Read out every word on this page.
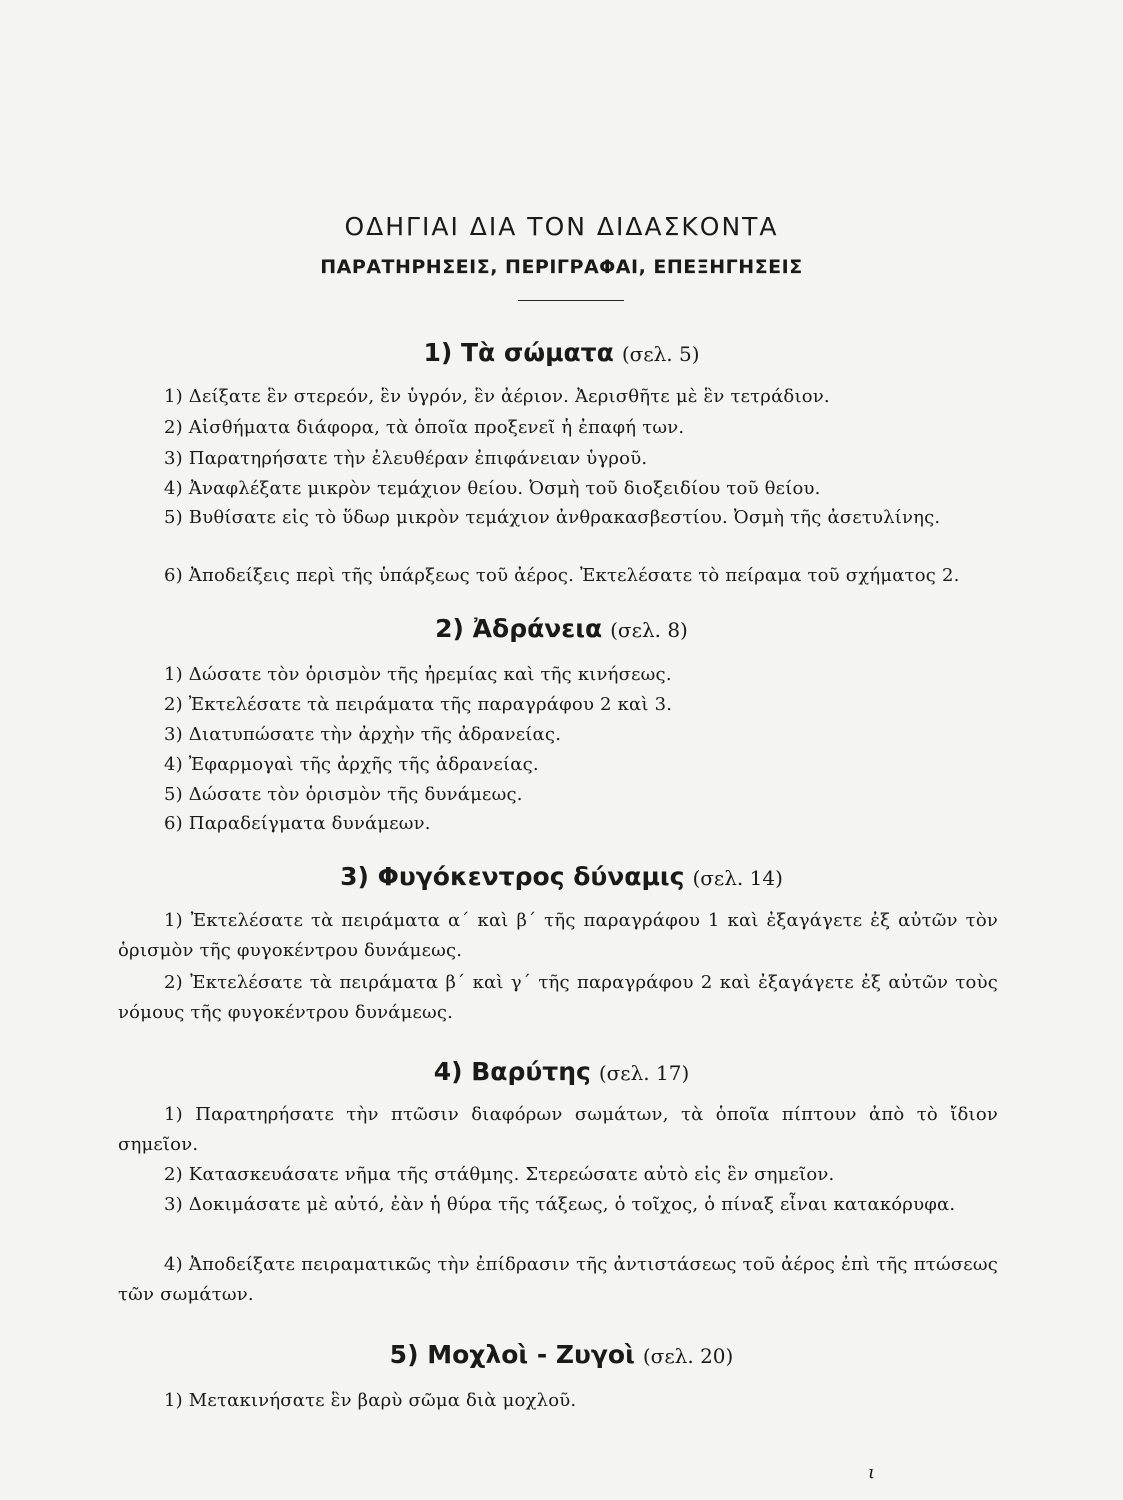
ΟΔΗΓΙΑΙ ΔΙΑ ΤΟΝ ΔΙΔΑΣΚΟΝΤΑ
ΠΑΡΑΤΗΡΗΣΕΙΣ, ΠΕΡΙΓΡΑΦΑΙ, ΕΠΕΞΗΓΗΣΕΙΣ
1) Τὰ σώματα (σελ. 5)

1) Δείξατε ἓν στερεόν, ἓν ὑγρόν, ἓν ἀέριον. Ἀερισθῆτε μὲ ἓν τετράδιον.

2) Αἰσθήματα διάφορα, τὰ ὁποῖα προξενεῖ ἡ ἐπαφή των.

3) Παρατηρήσατε τὴν ἐλευθέραν ἐπιφάνειαν ὑγροῦ.

4) Ἀναφλέξατε μικρὸν τεμάχιον θείου. Ὀσμὴ τοῦ διοξειδίου τοῦ θείου.

5) Βυθίσατε εἰς τὸ ὕδωρ μικρὸν τεμάχιον ἀνθρακασβεστίου. Ὀσμὴ τῆς ἀσετυλίνης.

6) Ἀποδείξεις περὶ τῆς ὑπάρξεως τοῦ ἀέρος. Ἐκτελέσατε τὸ πείραμα τοῦ σχήματος 2.

2) Ἀδράνεια (σελ. 8)

1) Δώσατε τὸν ὁρισμὸν τῆς ἠρεμίας καὶ τῆς κινήσεως.

2) Ἐκτελέσατε τὰ πειράματα τῆς παραγράφου 2 καὶ 3.

3) Διατυπώσατε τὴν ἀρχὴν τῆς ἀδρανείας.

4) Ἐφαρμογαὶ τῆς ἀρχῆς τῆς ἀδρανείας.

5) Δώσατε τὸν ὁρισμὸν τῆς δυνάμεως.

6) Παραδείγματα δυνάμεων.

3) Φυγόκεντρος δύναμις (σελ. 14)

1) Ἐκτελέσατε τὰ πειράματα α΄ καὶ β΄ τῆς παραγράφου 1 καὶ ἐξαγάγετε ἐξ αὐτῶν τὸν ὁρισμὸν τῆς φυγοκέντρου δυνάμεως.

2) Ἐκτελέσατε τὰ πειράματα β΄ καὶ γ΄ τῆς παραγράφου 2 καὶ ἐξαγάγετε ἐξ αὐτῶν τοὺς νόμους τῆς φυγοκέντρου δυνάμεως.

4) Βαρύτης (σελ. 17)

1) Παρατηρήσατε τὴν πτῶσιν διαφόρων σωμάτων, τὰ ὁποῖα πίπτουν ἀπὸ τὸ ἴδιον σημεῖον.

2) Κατασκευάσατε νῆμα τῆς στάθμης. Στερεώσατε αὐτὸ εἰς ἓν σημεῖον.

3) Δοκιμάσατε μὲ αὐτό, ἐὰν ἡ θύρα τῆς τάξεως, ὁ τοῖχος, ὁ πίναξ εἶναι κατακόρυφα.

4) Ἀποδείξατε πειραματικῶς τὴν ἐπίδρασιν τῆς ἀντιστάσεως τοῦ ἀέρος ἐπὶ τῆς πτώσεως τῶν σωμάτων.

5) Μοχλοὶ - Ζυγοὶ (σελ. 20)

1) Μετακινήσατε ἓν βαρὺ σῶμα διὰ μοχλοῦ.

ι
